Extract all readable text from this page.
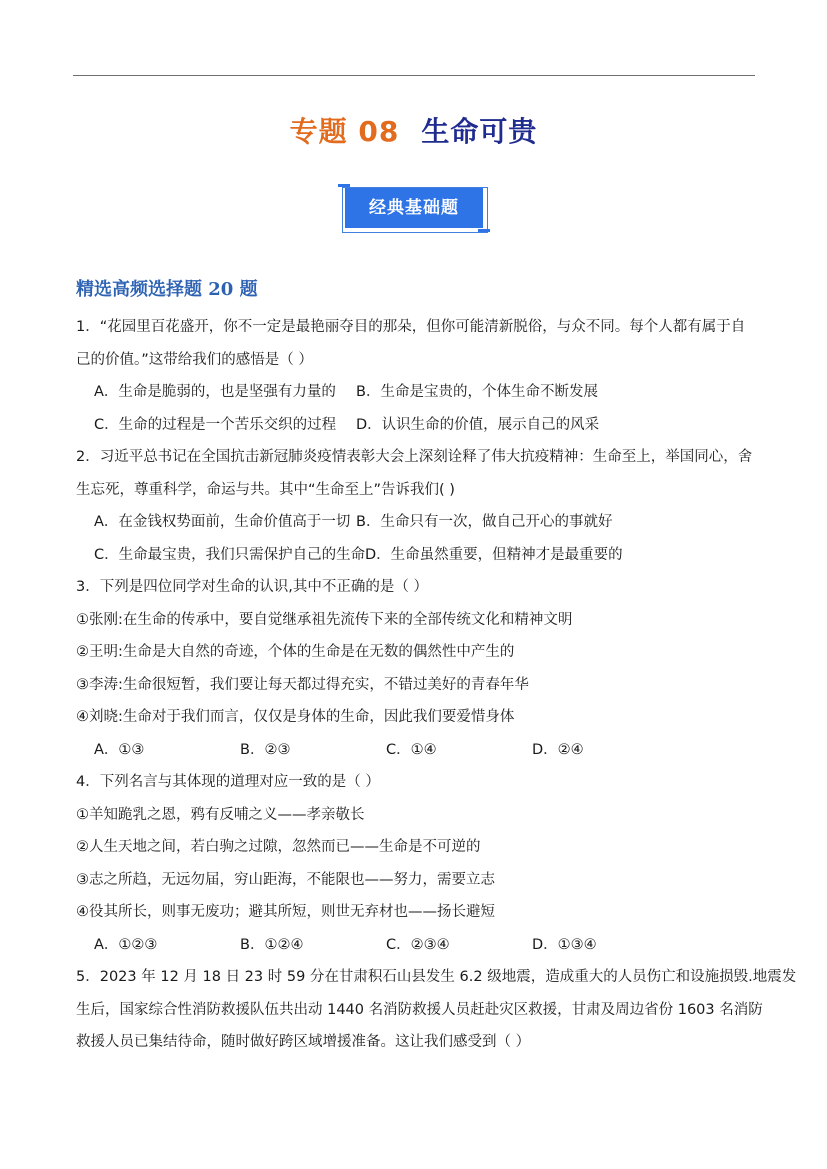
专题 08 生命可贵
经典基础题
精选高频选择题 20 题
1．“花园里百花盛开，你不一定是最艳丽夺目的那朵，但你可能清新脱俗，与众不同。每个人都有属于自
己的价值。”这带给我们的感悟是（ ）
A．生命是脆弱的，也是坚强有力量的	B．生命是宝贵的，个体生命不断发展
C．生命的过程是一个苦乐交织的过程	D．认识生命的价值，展示自己的风采
2．习近平总书记在全国抗击新冠肺炎疫情表彰大会上深刻诠释了伟大抗疫精神：生命至上，举国同心，舍
生忘死，尊重科学，命运与共。其中“生命至上”告诉我们( )
A．在金钱权势面前，生命价值高于一切 B．生命只有一次，做自己开心的事就好
C．生命最宝贵，我们只需保护自己的生命 D．生命虽然重要，但精神才是最重要的
3．下列是四位同学对生命的认识,其中不正确的是（ ）
①张刚:在生命的传承中，要自觉继承祖先流传下来的全部传统文化和精神文明
②王明:生命是大自然的奇迹，个体的生命是在无数的偶然性中产生的
③李涛:生命很短暂，我们要让每天都过得充实，不错过美好的青春年华
④刘晓:生命对于我们而言，仅仅是身体的生命，因此我们要爱惜身体
A．①③	B．②③	C．①④	D．②④
4．下列名言与其体现的道理对应一致的是（ ）
①羊知跪乳之恩，鸦有反哺之义——孝亲敬长
②人生天地之间，若白驹之过隙，忽然而已——生命是不可逆的
③志之所趋，无远勿届，穷山距海，不能限也——努力，需要立志
④役其所长，则事无废功；避其所短，则世无弃材也——扬长避短
A．①②③	B．①②④	C．②③④	D．①③④
5．2023 年 12 月 18 日 23 时 59 分在甘肃积石山县发生 6.2 级地震，造成重大的人员伤亡和设施损毁.地震发
生后，国家综合性消防救援队伍共出动 1440 名消防救援人员赶赴灾区救援，甘肃及周边省份 1603 名消防
救援人员已集结待命，随时做好跨区域增援准备。这让我们感受到（ ）
